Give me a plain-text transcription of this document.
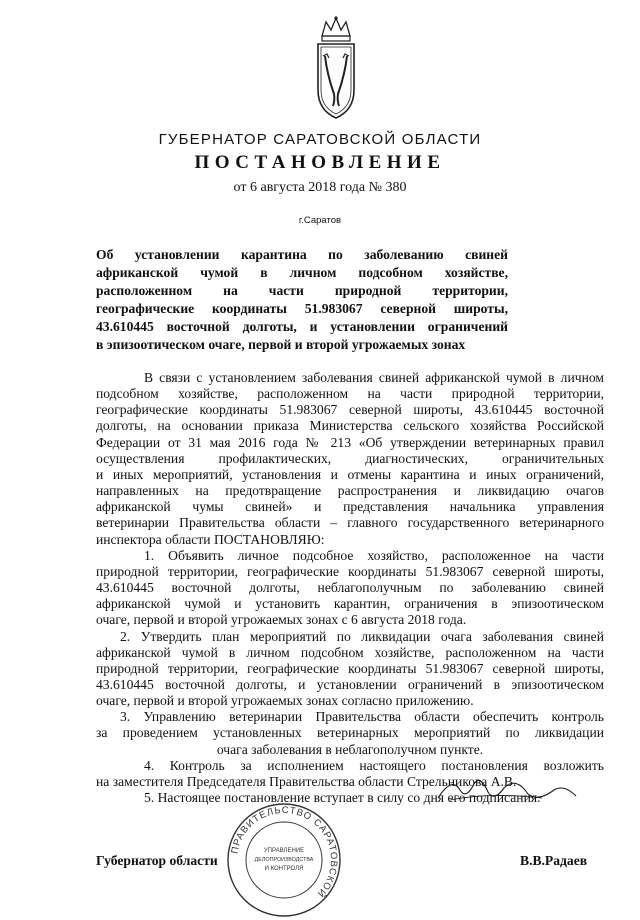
ГУБЕРНАТОР САРАТОВСКОЙ ОБЛАСТИ
ПОСТАНОВЛЕНИЕ
от 6 августа 2018 года № 380
г.Саратов
Об установлении карантина по заболеванию свиней
африканской чумой в личном подсобном хозяйстве,
расположенном на части природной территории,
географические координаты 51.983067 северной широты,
43.610445 восточной долготы, и установлении ограничений
в эпизоотическом очаге, первой и второй угрожаемых зонах
В связи с установлением заболевания свиней африканской чумой в личном
подсобном хозяйстве, расположенном на части природной территории,
географические координаты 51.983067 северной широты, 43.610445 восточной
долготы, на основании приказа Министерства сельского хозяйства Российской
Федерации от 31 мая 2016 года № 213 «Об утверждении ветеринарных правил
осуществления профилактических, диагностических, ограничительных
и иных мероприятий, установления и отмены карантина и иных ограничений,
направленных на предотвращение распространения и ликвидацию очагов
африканской чумы свиней» и представления начальника управления
ветеринарии Правительства области – главного государственного ветеринарного
инспектора области ПОСТАНОВЛЯЮ:
1. Объявить личное подсобное хозяйство, расположенное на части
природной территории, географические координаты 51.983067 северной широты,
43.610445 восточной долготы, неблагополучным по заболеванию свиней
африканской чумой и установить карантин, ограничения в эпизоотическом
очаге, первой и второй угрожаемых зонах с 6 августа 2018 года.
2. Утвердить план мероприятий по ликвидации очага заболевания свиней
африканской чумой в личном подсобном хозяйстве, расположенном на части
природной территории, географические координаты 51.983067 северной широты,
43.610445 восточной долготы, и установлении ограничений в эпизоотическом
очаге, первой и второй угрожаемых зонах согласно приложению.
3. Управлению ветеринарии Правительства области обеспечить контроль
за проведением установленных ветеринарных мероприятий по ликвидации
очага заболевания в неблагополучном пункте.
4. Контроль за исполнением настоящего постановления возложить
на заместителя Председателя Правительства области Стрельникова А.В.
5. Настоящее постановление вступает в силу со дня его подписания.
Губернатор области	В.В.Радаев
ПРАВИТЕЛЬСТВО САРАТОВСКОЙ
УПРАВЛЕНИЕ
ДЕЛОПРОИЗВОДСТВА
И КОНТРОЛЯ
